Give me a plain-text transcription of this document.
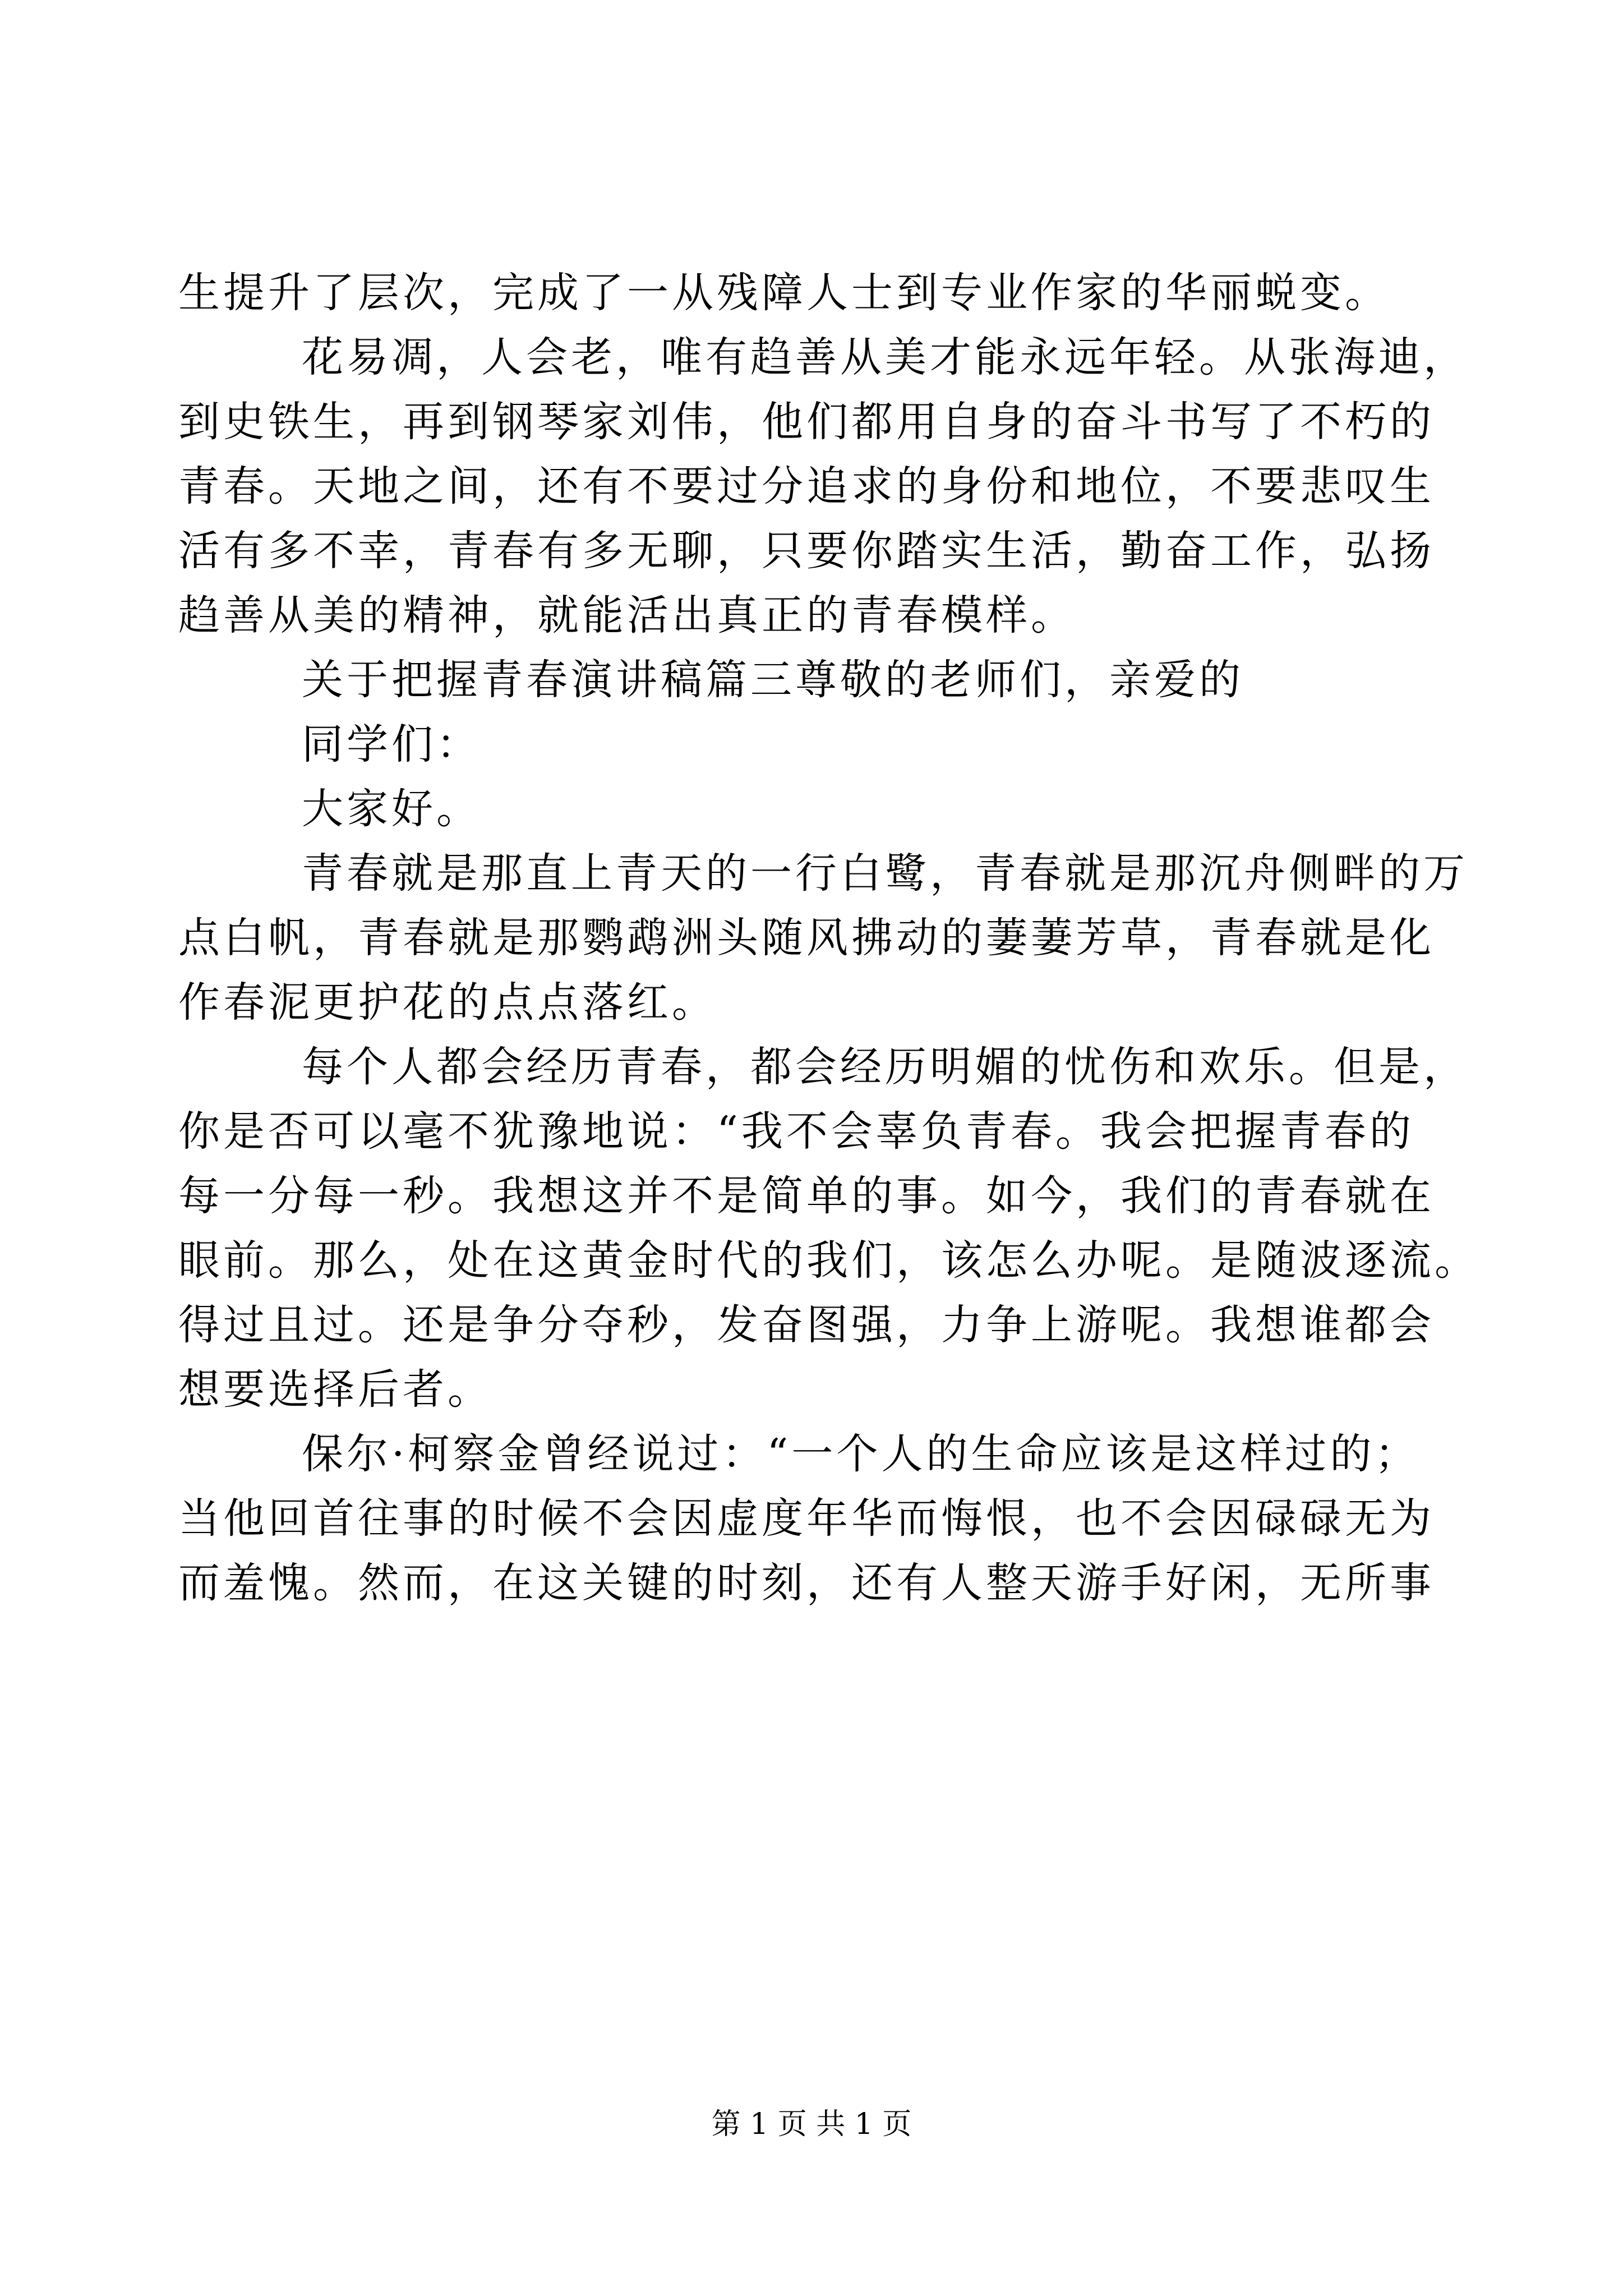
生提升了层次，完成了一从残障人士到专业作家的华丽蜕变。
花易凋，人会老，唯有趋善从美才能永远年轻。从张海迪，
到史铁生，再到钢琴家刘伟，他们都用自身的奋斗书写了不朽的
青春。天地之间，还有不要过分追求的身份和地位，不要悲叹生
活有多不幸，青春有多无聊，只要你踏实生活，勤奋工作，弘扬
趋善从美的精神，就能活出真正的青春模样。
关于把握青春演讲稿篇三尊敬的老师们，亲爱的
同学们：
大家好。
青春就是那直上青天的一行白鹭，青春就是那沉舟侧畔的万
点白帆，青春就是那鹦鹉洲头随风拂动的萋萋芳草，青春就是化
作春泥更护花的点点落红。
每个人都会经历青春，都会经历明媚的忧伤和欢乐。但是，
你是否可以毫不犹豫地说：“我不会辜负青春。我会把握青春的
每一分每一秒。我想这并不是简单的事。如今，我们的青春就在
眼前。那么，处在这黄金时代的我们，该怎么办呢。是随波逐流。
得过且过。还是争分夺秒，发奋图强，力争上游呢。我想谁都会
想要选择后者。
保尔·柯察金曾经说过：“一个人的生命应该是这样过的；
当他回首往事的时候不会因虚度年华而悔恨，也不会因碌碌无为
而羞愧。然而，在这关键的时刻，还有人整天游手好闲，无所事
第 1 页 共 1 页
